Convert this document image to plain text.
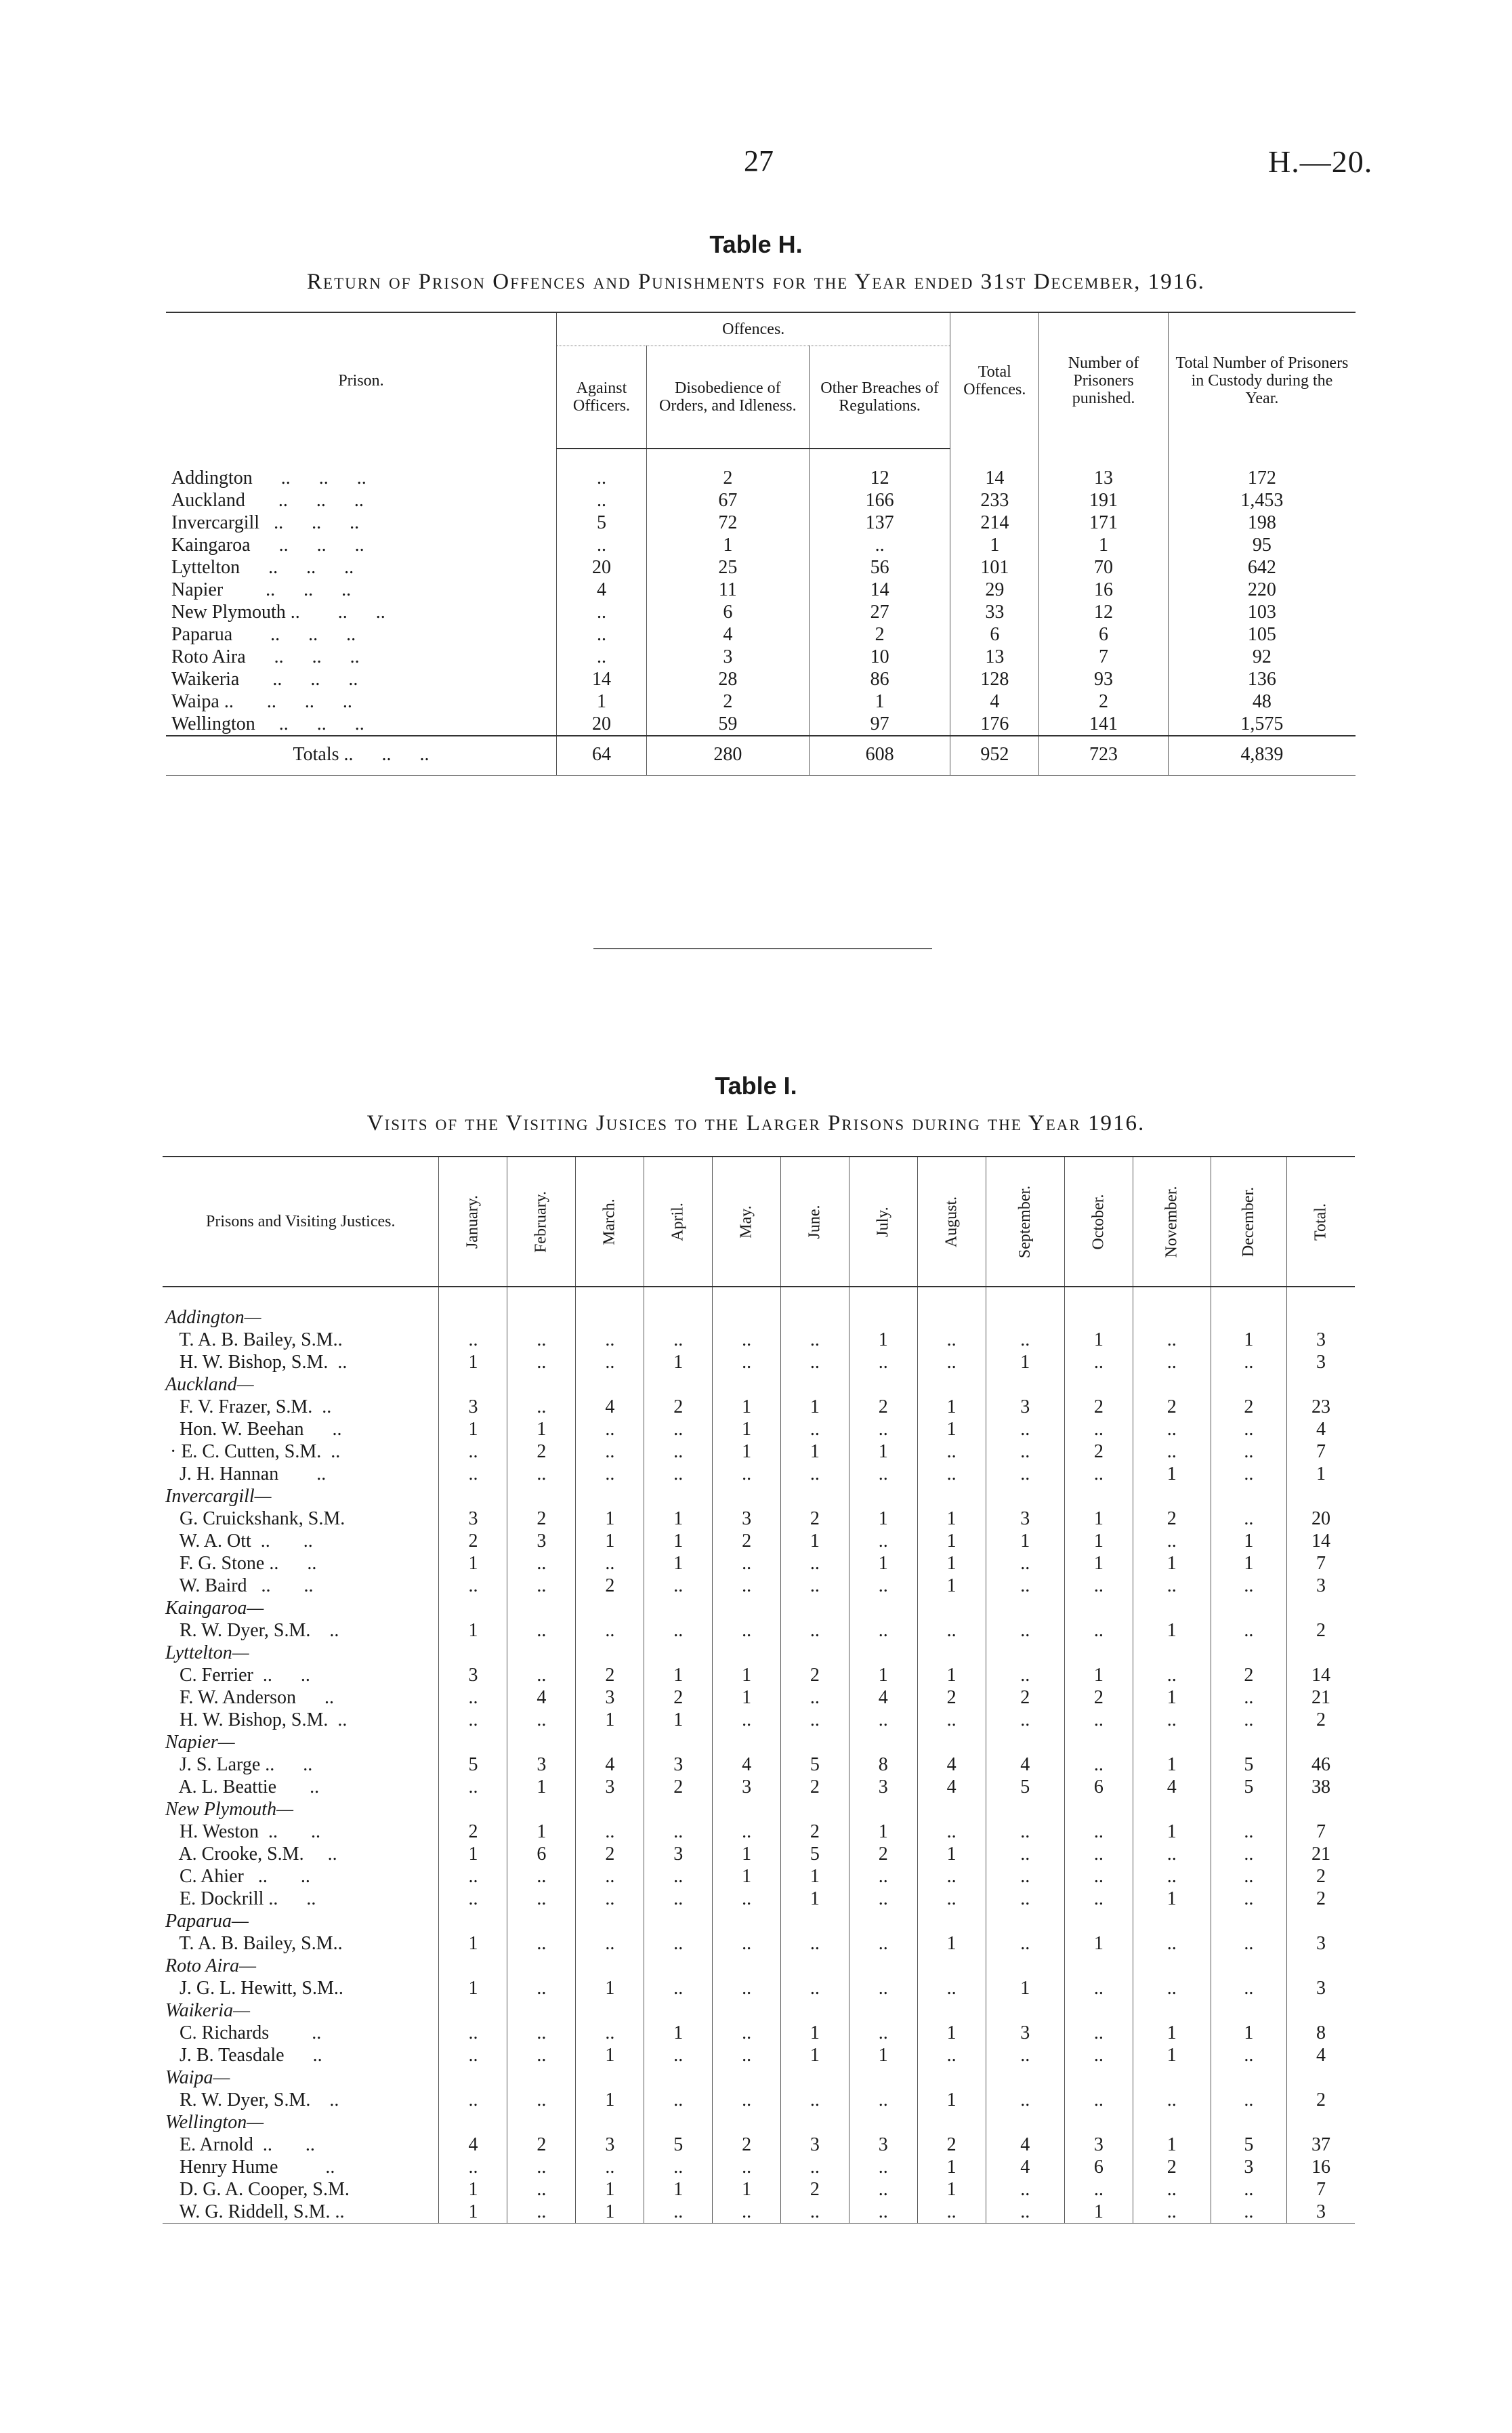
27	H.—20.
Table H.
Return of Prison Offences and Punishments for the Year ended 31st December, 1916.
Prison.	Offences.			Total Offences.	Number of Prisoners punished.	Total Number of Prisoners in Custody during the Year.
	Against Officers.	Disobedience of Orders, and Idleness.	Other Breaches of Regulations.			
Addington      ..      ..      ..	..	2	12	14	13	172
Auckland       ..      ..      ..	..	67	166	233	191	1,453
Invercargill   ..      ..      ..	5	72	137	214	171	198
Kaingaroa      ..      ..      ..	..	1	..	1	1	95
Lyttelton      ..      ..      ..	20	25	56	101	70	642
Napier         ..      ..      ..	4	11	14	29	16	220
New Plymouth ..        ..      ..	..	6	27	33	12	103
Paparua        ..      ..      ..	..	4	2	6	6	105
Roto Aira      ..      ..      ..	..	3	10	13	7	92
Waikeria       ..      ..      ..	14	28	86	128	93	136
Waipa ..       ..      ..      ..	1	2	1	4	2	48
Wellington     ..      ..      ..	20	59	97	176	141	1,575
Totals ..      ..      ..	64	280	608	952	723	4,839
Table I.
Visits of the Visiting Jusices to the Larger Prisons during the Year 1916.
Prisons and Visiting Justices.	January.	February.	March.	April.	May.	June.	July.	August.	September.	October.	November.	December.	Total.

Addington—													
T. A. B. Bailey, S.M..	..	..	..	..	..	..	1	..	..	1	..	1	3
H. W. Bishop, S.M.  ..	1	..	..	1	..	..	..	..	1	..	..	..	3
Auckland—													
F. V. Frazer, S.M.  ..	3	..	4	2	1	1	2	1	3	2	2	2	23
Hon. W. Beehan      ..	1	1	..	..	1	..	..	1	..	..	..	..	4
· E. C. Cutten, S.M.  ..	..	2	..	..	1	1	1	..	..	2	..	..	7
J. H. Hannan        ..	..	..	..	..	..	..	..	..	..	..	1	..	1
Invercargill—													
G. Cruickshank, S.M.	3	2	1	1	3	2	1	1	3	1	2	..	20
W. A. Ott  ..       ..	2	3	1	1	2	1	..	1	1	1	..	1	14
F. G. Stone ..      ..	1	..	..	1	..	..	1	1	..	1	1	1	7
W. Baird   ..       ..	..	..	2	..	..	..	..	1	..	..	..	..	3
Kaingaroa—													
R. W. Dyer, S.M.    ..	1	..	..	..	..	..	..	..	..	..	1	..	2
Lyttelton—													
C. Ferrier  ..      ..	3	..	2	1	1	2	1	1	..	1	..	2	14
F. W. Anderson      ..	..	4	3	2	1	..	4	2	2	2	1	..	21
H. W. Bishop, S.M.  ..	..	..	1	1	..	..	..	..	..	..	..	..	2
Napier—													
J. S. Large ..      ..	5	3	4	3	4	5	8	4	4	..	1	5	46
A. L. Beattie       ..	..	1	3	2	3	2	3	4	5	6	4	5	38
New Plymouth—													
H. Weston  ..       ..	2	1	..	..	..	2	1	..	..	..	1	..	7
A. Crooke, S.M.     ..	1	6	2	3	1	5	2	1	..	..	..	..	21
C. Ahier   ..       ..	..	..	..	..	1	1	..	..	..	..	..	..	2
E. Dockrill ..      ..	..	..	..	..	..	1	..	..	..	..	1	..	2
Paparua—													
T. A. B. Bailey, S.M..	1	..	..	..	..	..	..	1	..	1	..	..	3
Roto Aira—													
J. G. L. Hewitt, S.M..	1	..	1	..	..	..	..	..	1	..	..	..	3
Waikeria—													
C. Richards         ..	..	..	..	1	..	1	..	1	3	..	1	1	8
J. B. Teasdale      ..	..	..	1	..	..	1	1	..	..	..	1	..	4
Waipa—													
R. W. Dyer, S.M.    ..	..	..	1	..	..	..	..	1	..	..	..	..	2
Wellington—													
E. Arnold  ..       ..	4	2	3	5	2	3	3	2	4	3	1	5	37
Henry Hume          ..	..	..	..	..	..	..	..	1	4	6	2	3	16
D. G. A. Cooper, S.M.	1	..	1	1	1	2	..	1	..	..	..	..	7
W. G. Riddell, S.M. ..	1	..	1	..	..	..	..	..	..	1	..	..	3
